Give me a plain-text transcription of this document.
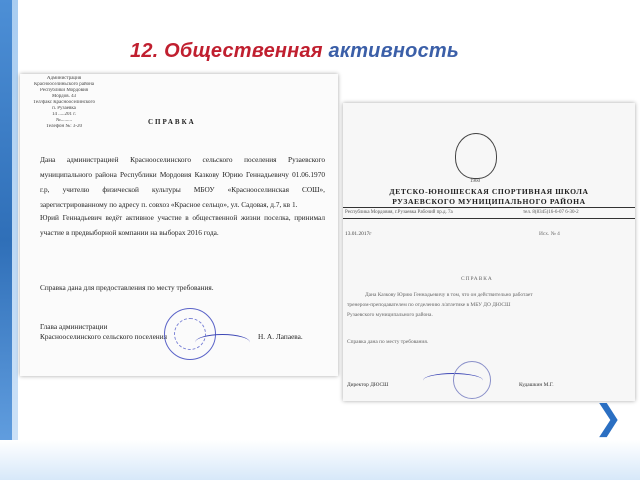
12. Общественная активность
Администрация
Краснооселиньского района
Республики Мордовия
Мордов. 43
Тел/факс Краснооселинского
п. Рузаевка
14 .....201 г.
№.........
Телефон №: 3-20
СПРАВКА
Дана администрацией Краснооселинского сельского поселения Рузаевского муниципального района Республики Мордовия Казкову Юрию Геннадьевичу 01.06.1970 г.р, учителю физической культуры МБОУ «Краснооселинская СОШ», зарегистрированному по адресу п. совхоз «Красное сельцо», ул. Садовая, д.7, кв 1.
Юрий Геннадьевич ведёт активное участие в общественной жизни поселка, принимал участие в предвыборной компании на выборах 2016 года.
Справка дана для предоставления по месту требования.
Глава администрации
Краснооселинского сельского поселения	Н. А. Лапаева.
1960
ДЕТСКО-ЮНОШЕСКАЯ СПОРТИВНАЯ ШКОЛА
РУЗАЕВСКОГО МУНИЦИПАЛЬНОГО РАЙОНА
Республика Мордовия, г.Рузаевка Рабочий пр.д. 7а	тел. 8(8345)16-6-07 6-30-2
13.01.2017г	Исх. № 4
СПРАВКА
Дана Казкову Юрию Геннадьевичу в том, что он действительно работает
тренером-преподавателем по отделению л/атлетике в МБУ ДО ДЮСШ
Рузаевского муниципального района.
Справка дана по месту требования.
Директор ДЮСШ	Кудашкин М.Г.
❯
